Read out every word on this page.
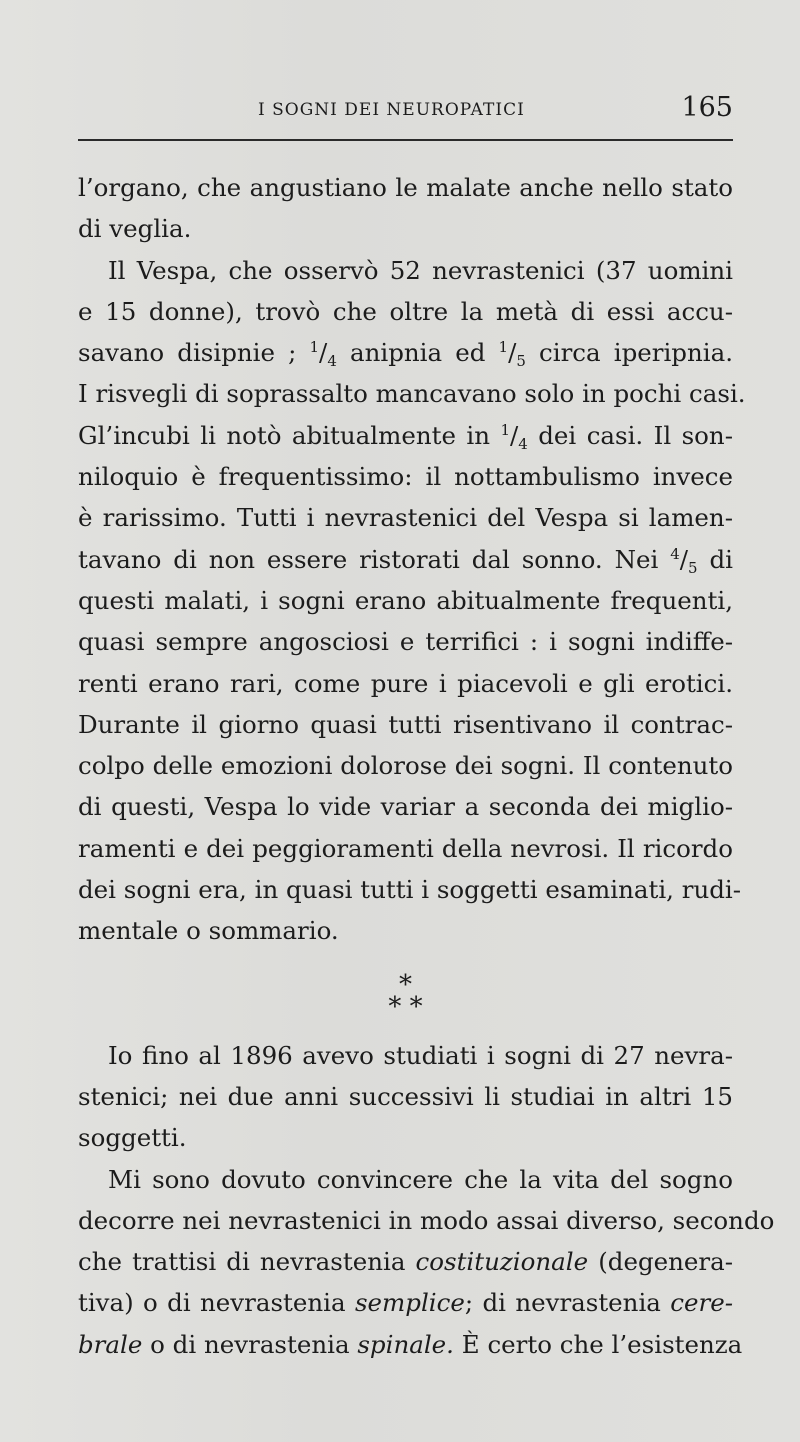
I SOGNI DEI NEUROPATICI	165
l’organo, che angustiano le malate anche nello stato
di veglia.
Il Vespa, che osservò 52 nevrastenici (37 uomini
e 15 donne), trovò che oltre la metà di essi accu-
savano disipnie ; $^1/_4$ anipnia ed $^1/_5$ circa iperipnia.
I risvegli di soprassalto mancavano solo in pochi casi.
Gl’incubi li notò abitualmente in $^1/_4$ dei casi. Il son-
niloquio è frequentissimo: il nottambulismo invece
è rarissimo. Tutti i nevrastenici del Vespa si lamen-
tavano di non essere ristorati dal sonno. Nei $^4/_5$ di
questi malati, i sogni erano abitualmente frequenti,
quasi sempre angosciosi e terrifici : i sogni indiffe-
renti erano rari, come pure i piacevoli e gli erotici.
Durante il giorno quasi tutti risentivano il contrac-
colpo delle emozioni dolorose dei sogni. Il contenuto
di questi, Vespa lo vide variar a seconda dei miglio-
ramenti e dei peggioramenti della nevrosi. Il ricordo
dei sogni era, in quasi tutti i soggetti esaminati, rudi-
mentale o sommario.
*
* *
Io fino al 1896 avevo studiati i sogni di 27 nevra-
stenici; nei due anni successivi li studiai in altri 15
soggetti.
Mi sono dovuto convincere che la vita del sogno
decorre nei nevrastenici in modo assai diverso, secondo
che trattisi di nevrastenia costituzionale (degenera-
tiva) o di nevrastenia semplice; di nevrastenia cere-
brale o di nevrastenia spinale. È certo che l’esistenza
